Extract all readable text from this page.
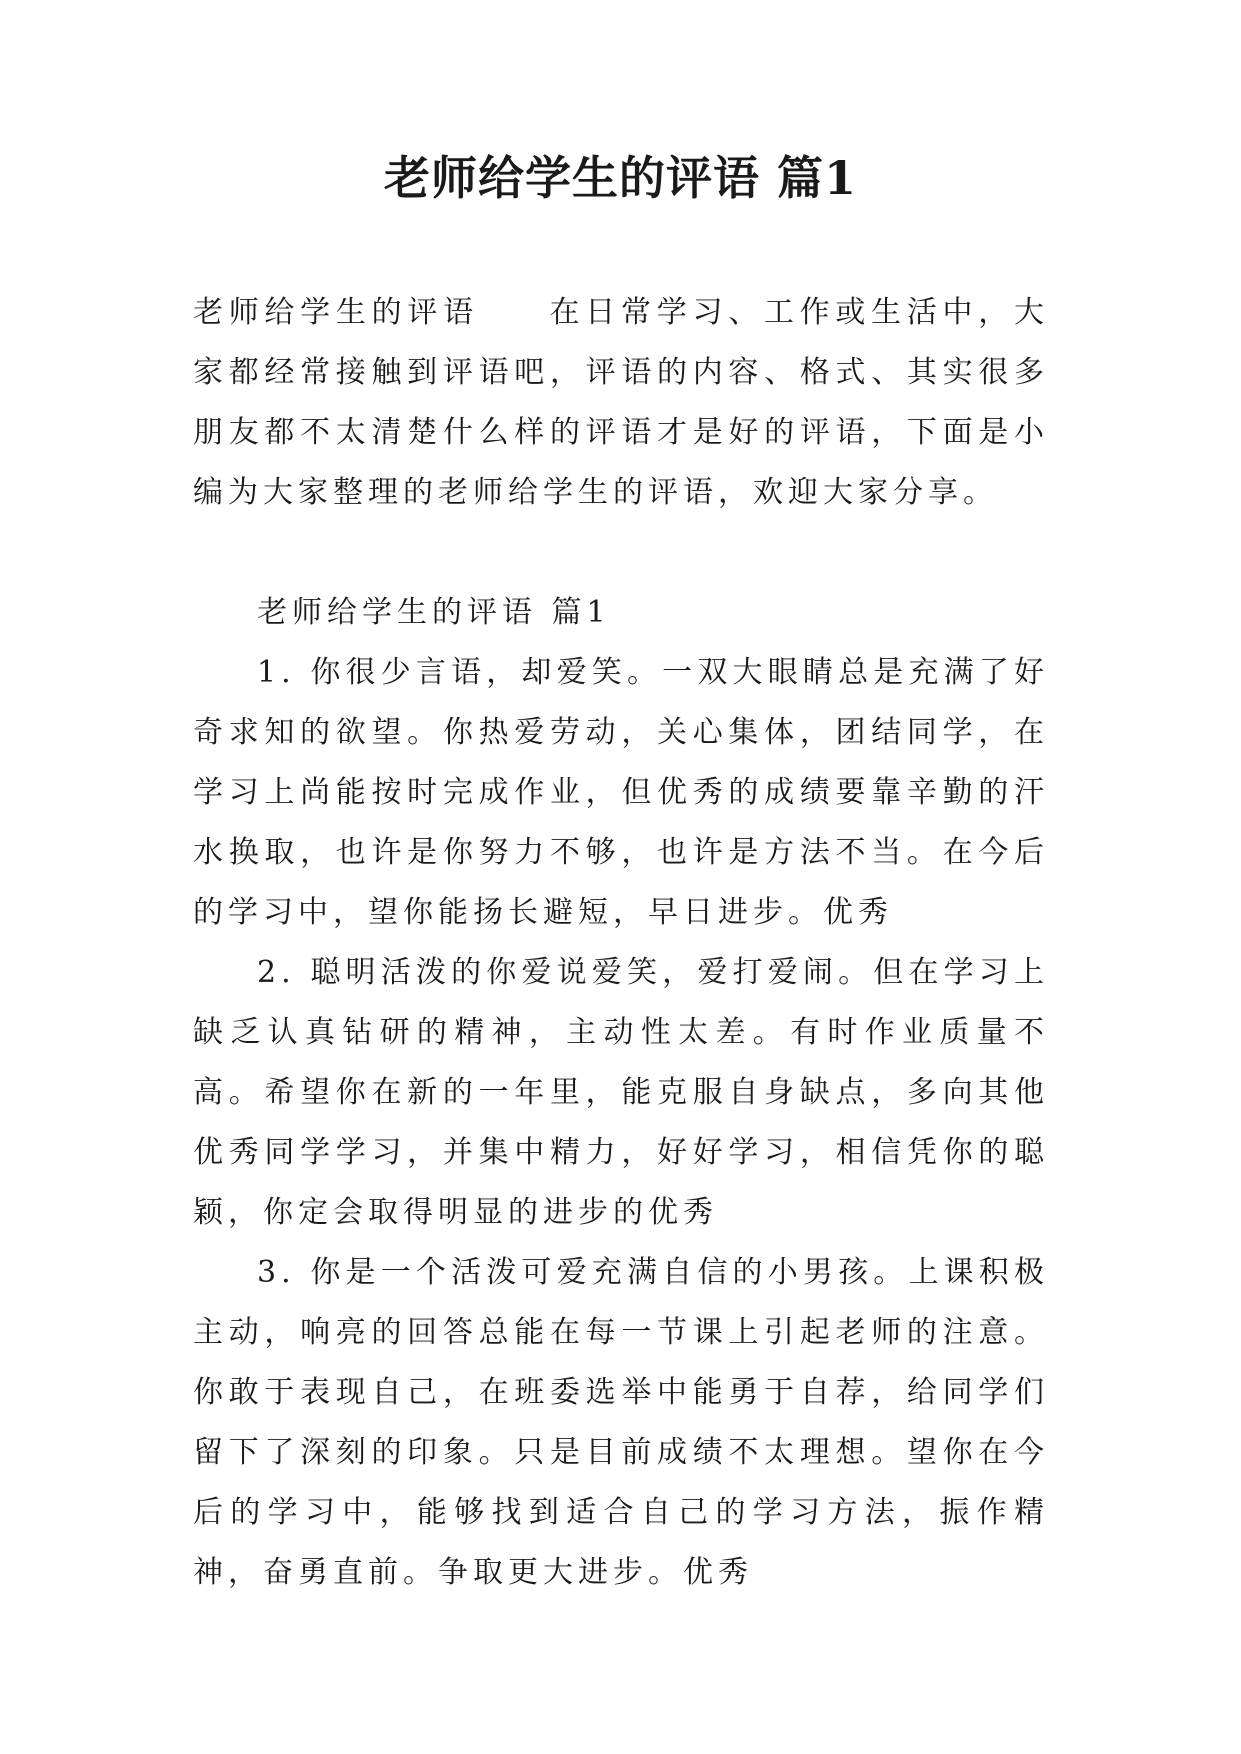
老师给学生的评语 篇1

老师给学生的评语 在日常学习、工作或生活中，大家都经常接触到评语吧，评语的内容、格式、其实很多朋友都不太清楚什么样的评语才是好的评语，下面是小编为大家整理的老师给学生的评语，欢迎大家分享。

老师给学生的评语 篇1

1. 你很少言语，却爱笑。一双大眼睛总是充满了好奇求知的欲望。你热爱劳动，关心集体，团结同学，在学习上尚能按时完成作业，但优秀的成绩要靠辛勤的汗水换取，也许是你努力不够，也许是方法不当。在今后的学习中，望你能扬长避短，早日进步。优秀

2. 聪明活泼的你爱说爱笑，爱打爱闹。但在学习上缺乏认真钻研的精神，主动性太差。有时作业质量不高。希望你在新的一年里，能克服自身缺点，多向其他优秀同学学习，并集中精力，好好学习，相信凭你的聪颖，你定会取得明显的进步的优秀

3. 你是一个活泼可爱充满自信的小男孩。上课积极主动，响亮的回答总能在每一节课上引起老师的注意。你敢于表现自己，在班委选举中能勇于自荐，给同学们留下了深刻的印象。只是目前成绩不太理想。望你在今后的学习中，能够找到适合自己的学习方法，振作精神，奋勇直前。争取更大进步。优秀
